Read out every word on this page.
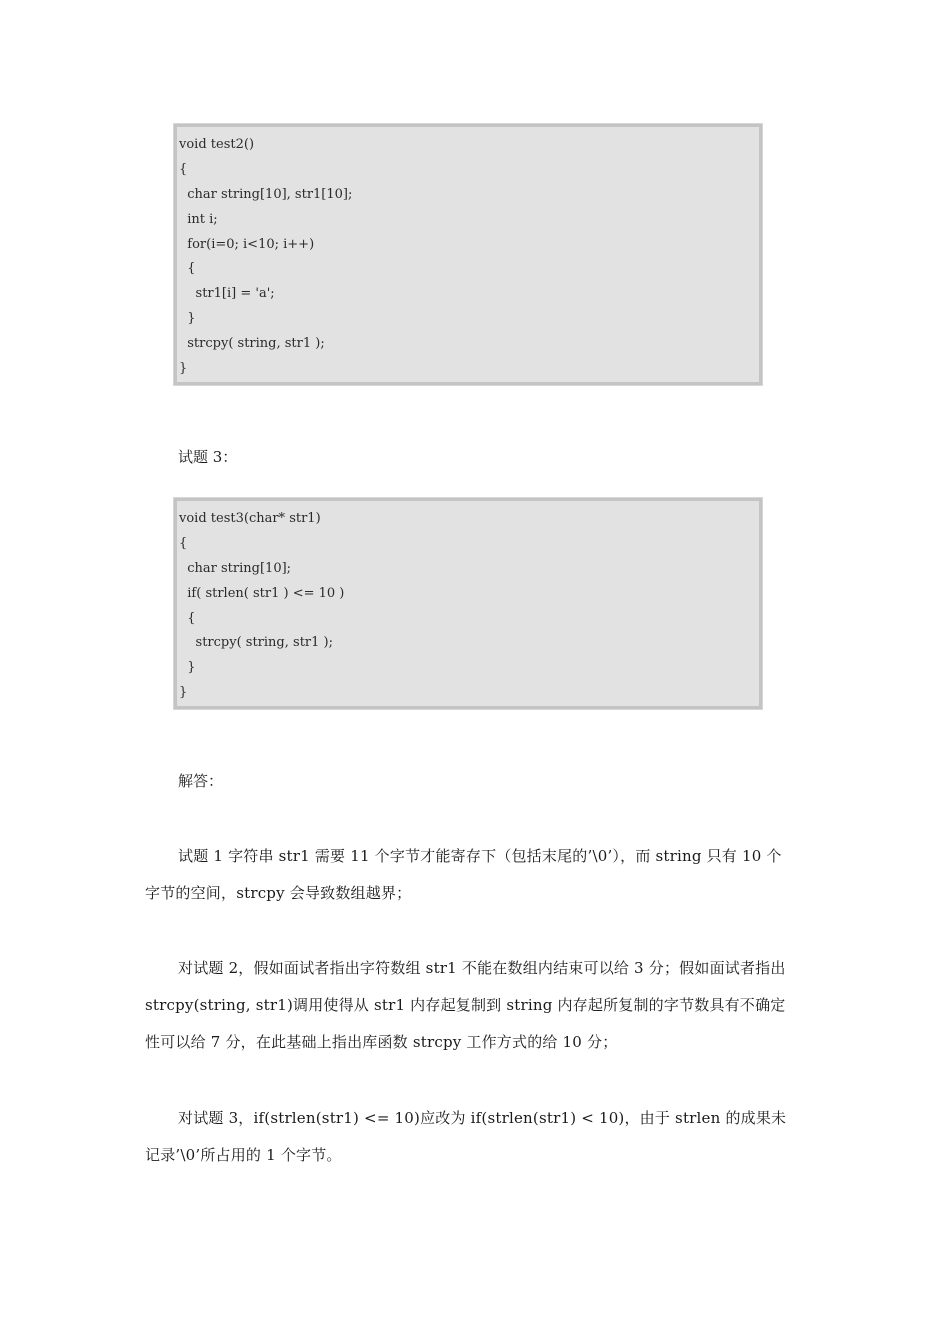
void test2()
{
char string[10], str1[10];
int i;
for(i=0; i<10; i++)
{
str1[i] = 'a';
}
strcpy( string, str1 );
}
试题 3：
void test3(char* str1)
{
char string[10];
if( strlen( str1 ) <= 10 )
{
strcpy( string, str1 );
}
}
解答：

试题 1 字符串 str1 需要 11 个字节才能寄存下（包括末尾的’\0’），而 string 只有 10 个字节的空间，strcpy 会导致数组越界；

对试题 2，假如面试者指出字符数组 str1 不能在数组内结束可以给 3 分；假如面试者指出 strcpy(string, str1)调用使得从 str1 内存起复制到 string 内存起所复制的字节数具有不确定性可以给 7 分，在此基础上指出库函数 strcpy 工作方式的给 10 分；

对试题 3，if(strlen(str1) <= 10)应改为 if(strlen(str1) < 10)，由于 strlen 的成果未记录’\0’所占用的 1 个字节。
